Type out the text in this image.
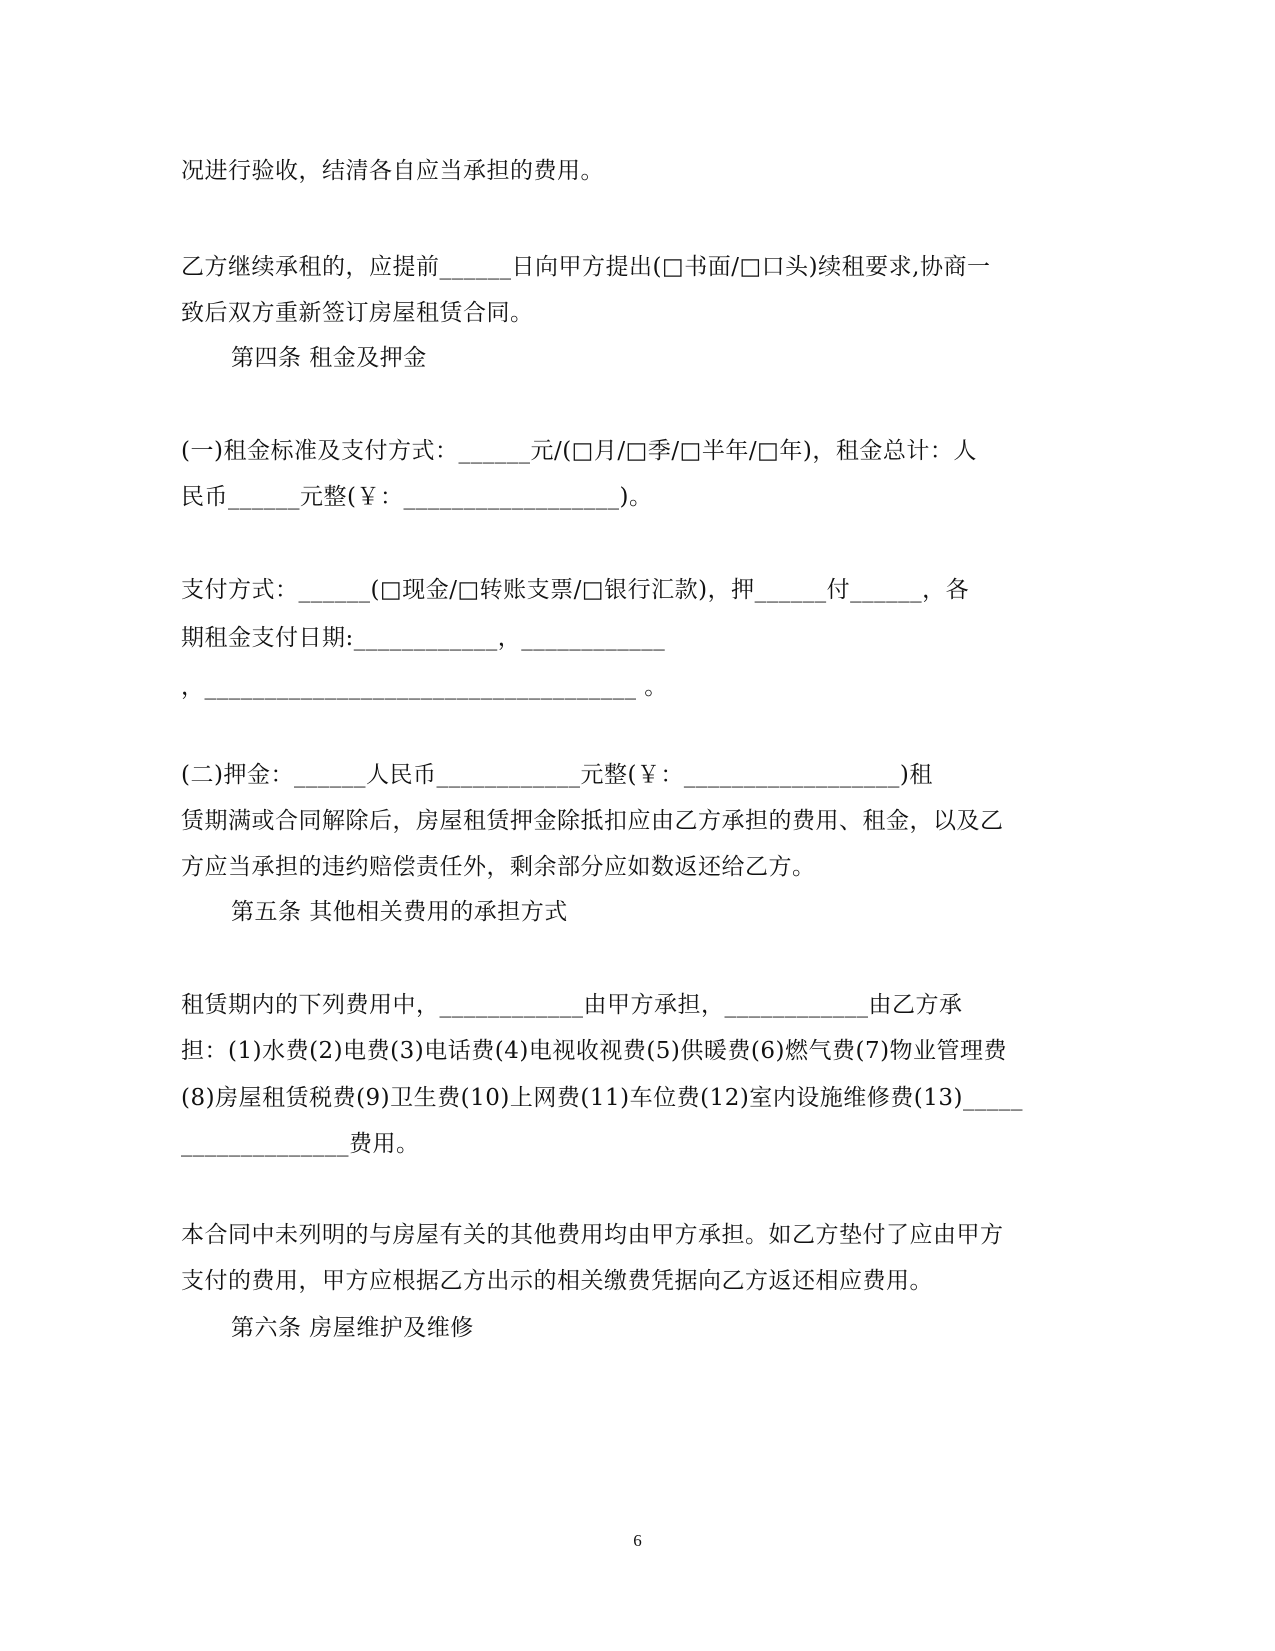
况进行验收，结清各自应当承担的费用。
乙方继续承租的，应提前______日向甲方提出(□书面/□口头)续租要求,协商一
致后双方重新签订房屋租赁合同。
第四条 租金及押金
(一)租金标准及支付方式：______元/(□月/□季/□半年/□年)，租金总计：人
民币______元整(￥：__________________)。
支付方式：______(□现金/□转账支票/□银行汇款)，押______付______，各
期租金支付日期:____________，____________
，____________________________________ 。
(二)押金：______人民币____________元整(￥：__________________)租
赁期满或合同解除后，房屋租赁押金除抵扣应由乙方承担的费用、租金，以及乙
方应当承担的违约赔偿责任外，剩余部分应如数返还给乙方。
第五条 其他相关费用的承担方式
租赁期内的下列费用中，____________由甲方承担，____________由乙方承
担：(1)水费(2)电费(3)电话费(4)电视收视费(5)供暖费(6)燃气费(7)物业管理费
(8)房屋租赁税费(9)卫生费(10)上网费(11)车位费(12)室内设施维修费(13)_____
______________费用。
本合同中未列明的与房屋有关的其他费用均由甲方承担。如乙方垫付了应由甲方
支付的费用，甲方应根据乙方出示的相关缴费凭据向乙方返还相应费用。
第六条 房屋维护及维修
6
